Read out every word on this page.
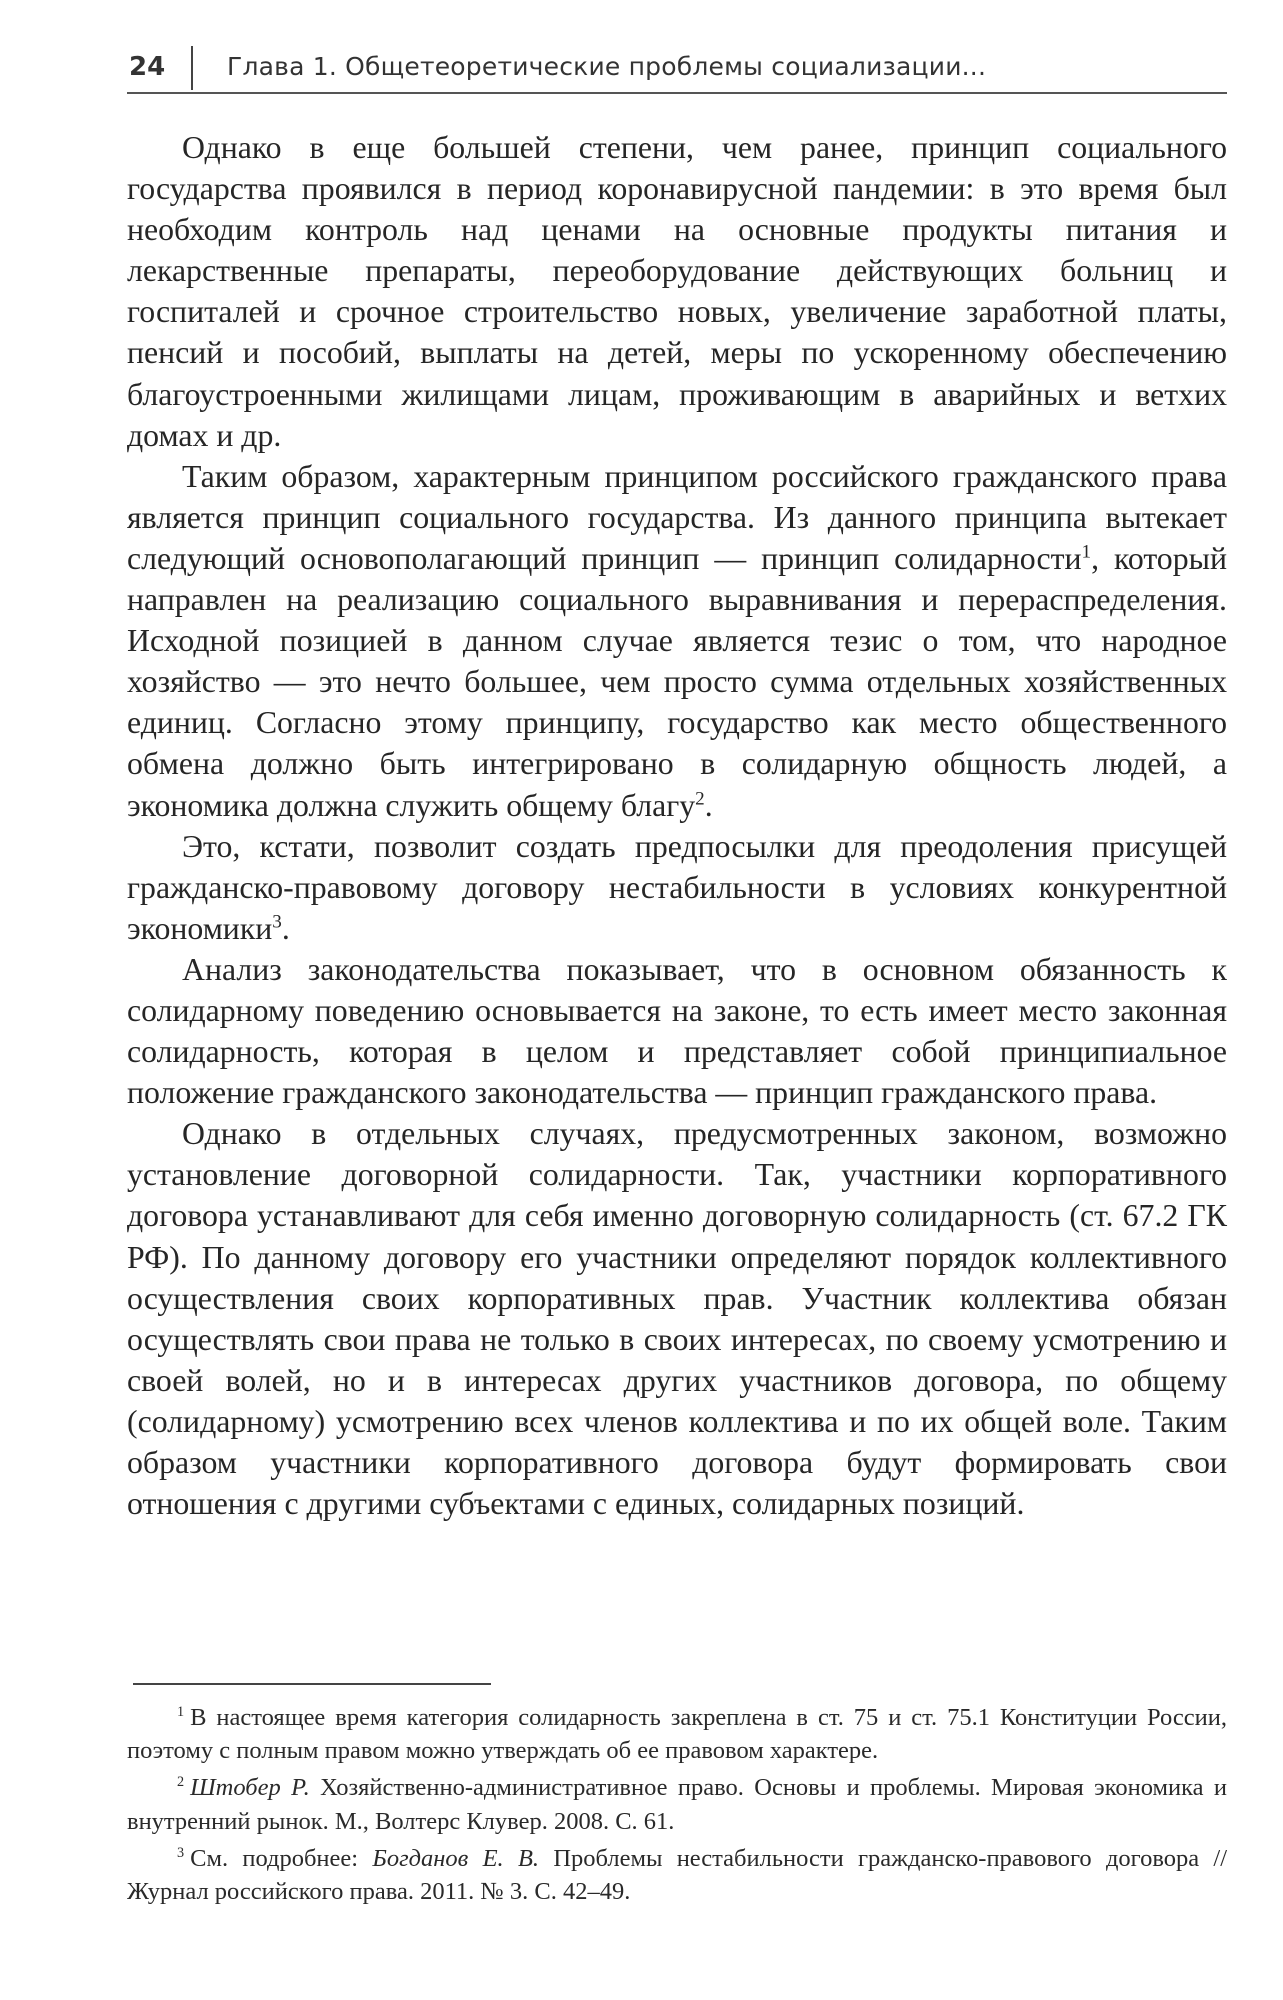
24 Глава 1. Общетеоретические проблемы социализации...

Однако в еще большей степени, чем ранее, принцип социального государства проявился в период коронавирусной пандемии: в это время был необходим контроль над ценами на основные продукты питания и лекарственные препараты, переоборудование действующих больниц и госпиталей и срочное строительство новых, увеличение заработной платы, пенсий и пособий, выплаты на детей, меры по ускоренному обеспечению благоустроенными жилищами лицам, проживающим в аварийных и ветхих домах и др.

Таким образом, характерным принципом российского гражданского права является принцип социального государства. Из данного принципа вытекает следующий основополагающий принцип — принцип солидарности$^1$, который направлен на реализацию социального выравнивания и перераспределения. Исходной позицией в данном случае является тезис о том, что народное хозяйство — это нечто большее, чем просто сумма отдельных хозяйственных единиц. Согласно этому принципу, государство как место общественного обмена должно быть интегрировано в солидарную общность людей, а экономика должна служить общему благу$^2$.

Это, кстати, позволит создать предпосылки для преодоления присущей гражданско-правовому договору нестабильности в условиях конкурентной экономики$^3$.

Анализ законодательства показывает, что в основном обязанность к солидарному поведению основывается на законе, то есть имеет место законная солидарность, которая в целом и представляет собой принципиальное положение гражданского законодательства — принцип гражданского права.

Однако в отдельных случаях, предусмотренных законом, возможно установление договорной солидарности. Так, участники корпоративного договора устанавливают для себя именно договорную солидарность (ст. 67.2 ГК РФ). По данному договору его участники определяют порядок коллективного осуществления своих корпоративных прав. Участник коллектива обязан осуществлять свои права не только в своих интересах, по своему усмотрению и своей волей, но и в интересах других участников договора, по общему (солидарному) усмотрению всех членов коллектива и по их общей воле. Таким образом участники корпоративного договора будут формировать свои отношения с другими субъектами с единых, солидарных позиций.

$^1$ В настоящее время категория солидарность закреплена в ст. 75 и ст. 75.1 Конституции России, поэтому с полным правом можно утверждать об ее правовом характере.

$^2$ Штобер Р. Хозяйственно-административное право. Основы и проблемы. Мировая экономика и внутренний рынок. М., Волтерс Клувер. 2008. С. 61.

$^3$ См. подробнее: Богданов Е. В. Проблемы нестабильности гражданско-правового договора // Журнал российского права. 2011. № 3. С. 42–49.
